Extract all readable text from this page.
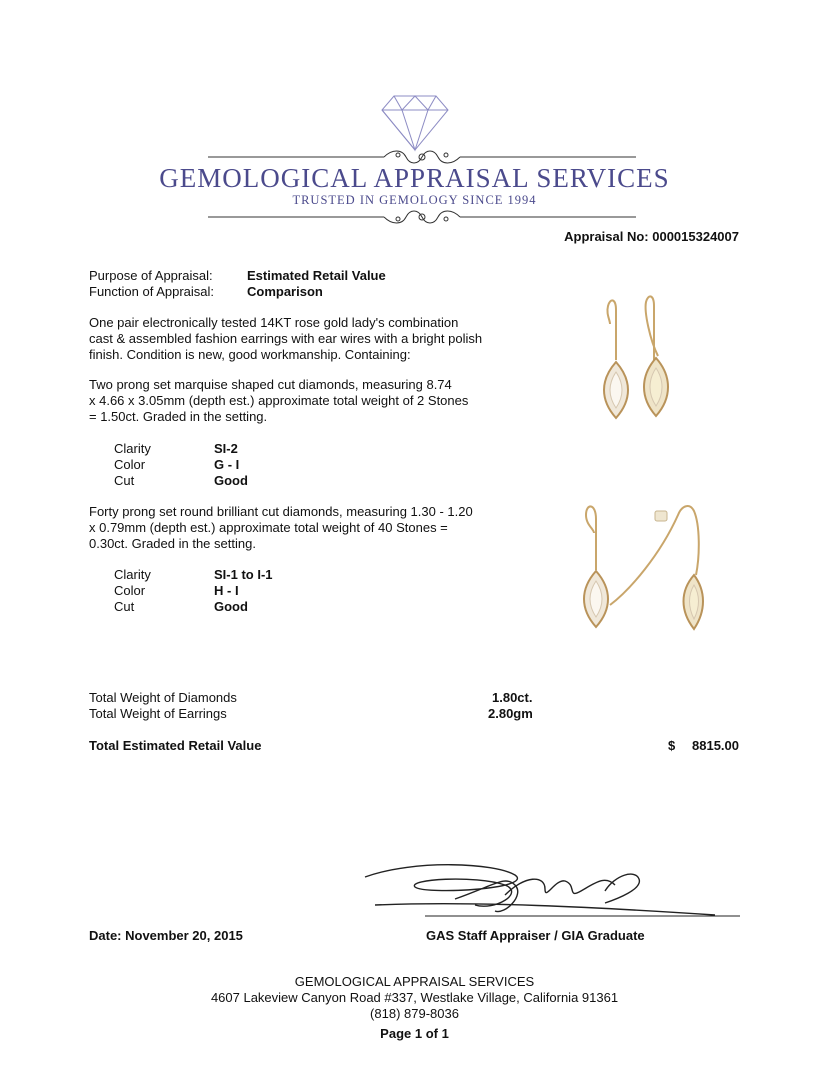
GEMOLOGICAL APPRAISAL SERVICES
TRUSTED IN GEMOLOGY SINCE 1994
Appraisal No: 000015324007
Purpose of Appraisal:	Estimated Retail Value
Function of Appraisal:	Comparison
One pair electronically tested 14KT rose gold lady's combination
cast & assembled fashion earrings with ear wires with a bright polish
finish. Condition is new, good workmanship. Containing:
Two prong set marquise shaped cut diamonds, measuring 8.74
x 4.66 x 3.05mm (depth est.) approximate total weight of 2 Stones
= 1.50ct. Graded in the setting.
Clarity	SI-2
Color	G - I
Cut	Good
Forty prong set round brilliant cut diamonds, measuring 1.30 - 1.20
x 0.79mm (depth est.) approximate total weight of 40 Stones =
0.30ct. Graded in the setting.
Clarity	SI-1 to I-1
Color	H - I
Cut	Good
Total Weight of Diamonds	1.80ct.
Total Weight of Earrings	2.80gm
Total Estimated Retail Value	$ 8815.00
Date: November 20, 2015	GAS Staff Appraiser / GIA Graduate
GEMOLOGICAL APPRAISAL SERVICES
4607 Lakeview Canyon Road #337, Westlake Village, California 91361
(818) 879-8036
Page 1 of 1
